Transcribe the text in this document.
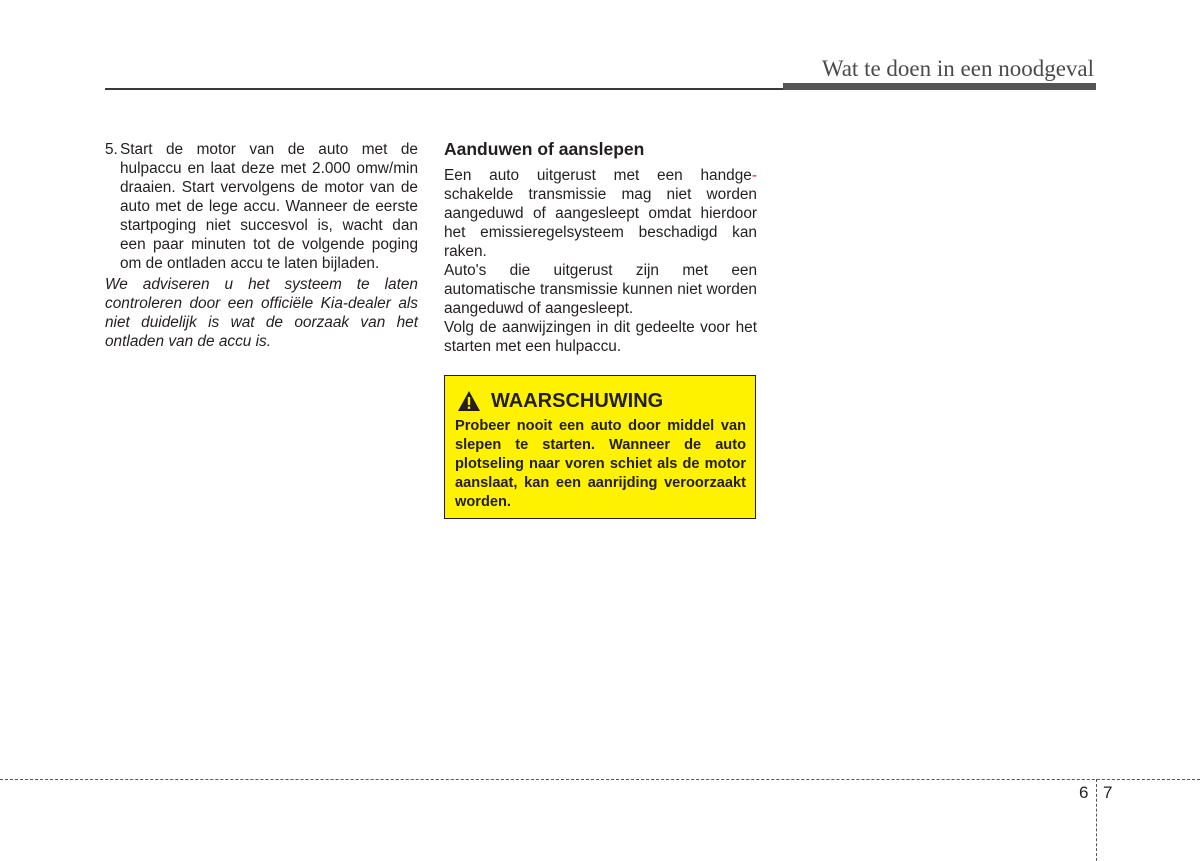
Wat te doen in een noodgeval
5. Start de motor van de auto met de hulpaccu en laat deze met 2.000 omw/min draaien. Start vervolgens de motor van de auto met de lege accu. Wanneer de eerste startpoging niet succesvol is, wacht dan een paar minuten tot de volgende poging om de ontladen accu te laten bijladen.
We adviseren u het systeem te laten controleren door een officiële Kia-dealer als niet duidelijk is wat de oorzaak van het ontladen van de accu is.
Aanduwen of aanslepen

Een auto uitgerust met een handge- schakelde transmissie mag niet worden aangeduwd of aangesleept omdat hierdoor het emissieregelsysteem beschadigd kan raken.

Auto's die uitgerust zijn met een automatische transmissie kunnen niet worden aangeduwd of aangesleept.

Volg de aanwijzingen in dit gedeelte voor het starten met een hulpaccu.

WAARSCHUWING
Probeer nooit een auto door middel van slepen te starten. Wanneer de auto plotseling naar voren schiet als de motor aanslaat, kan een aanrijding veroorzaakt worden.
6 7
